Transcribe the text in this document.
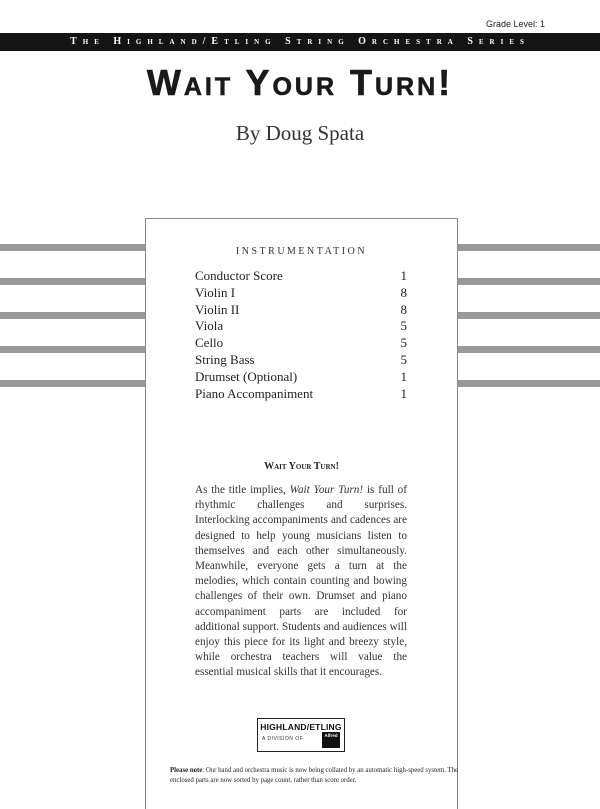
Grade Level: 1
The Highland/Etling String Orchestra Series
Wait Your Turn!
By Doug Spata
INSTRUMENTATION
Conductor Score	1
Violin I	8
Violin II	8
Viola	5
Cello	5
String Bass	5
Drumset (Optional)	1
Piano Accompaniment	1
Wait Your Turn!
As the title implies, Wait Your Turn! is full of rhythmic challenges and surprises. Interlocking accompaniments and cadences are designed to help young musicians listen to themselves and each other simultaneously. Meanwhile, everyone gets a turn at the melodies, which contain counting and bowing challenges of their own. Drumset and piano accompaniment parts are included for additional support. Students and audiences will enjoy this piece for its light and breezy style, while orchestra teachers will value the essential musical skills that it encourages.
HIGHLAND/ETLING
A DIVISION OF
Alfred
Please note: Our band and orchestra music is now being collated by an automatic high-speed system. The enclosed parts are now sorted by page count, rather than score order.
